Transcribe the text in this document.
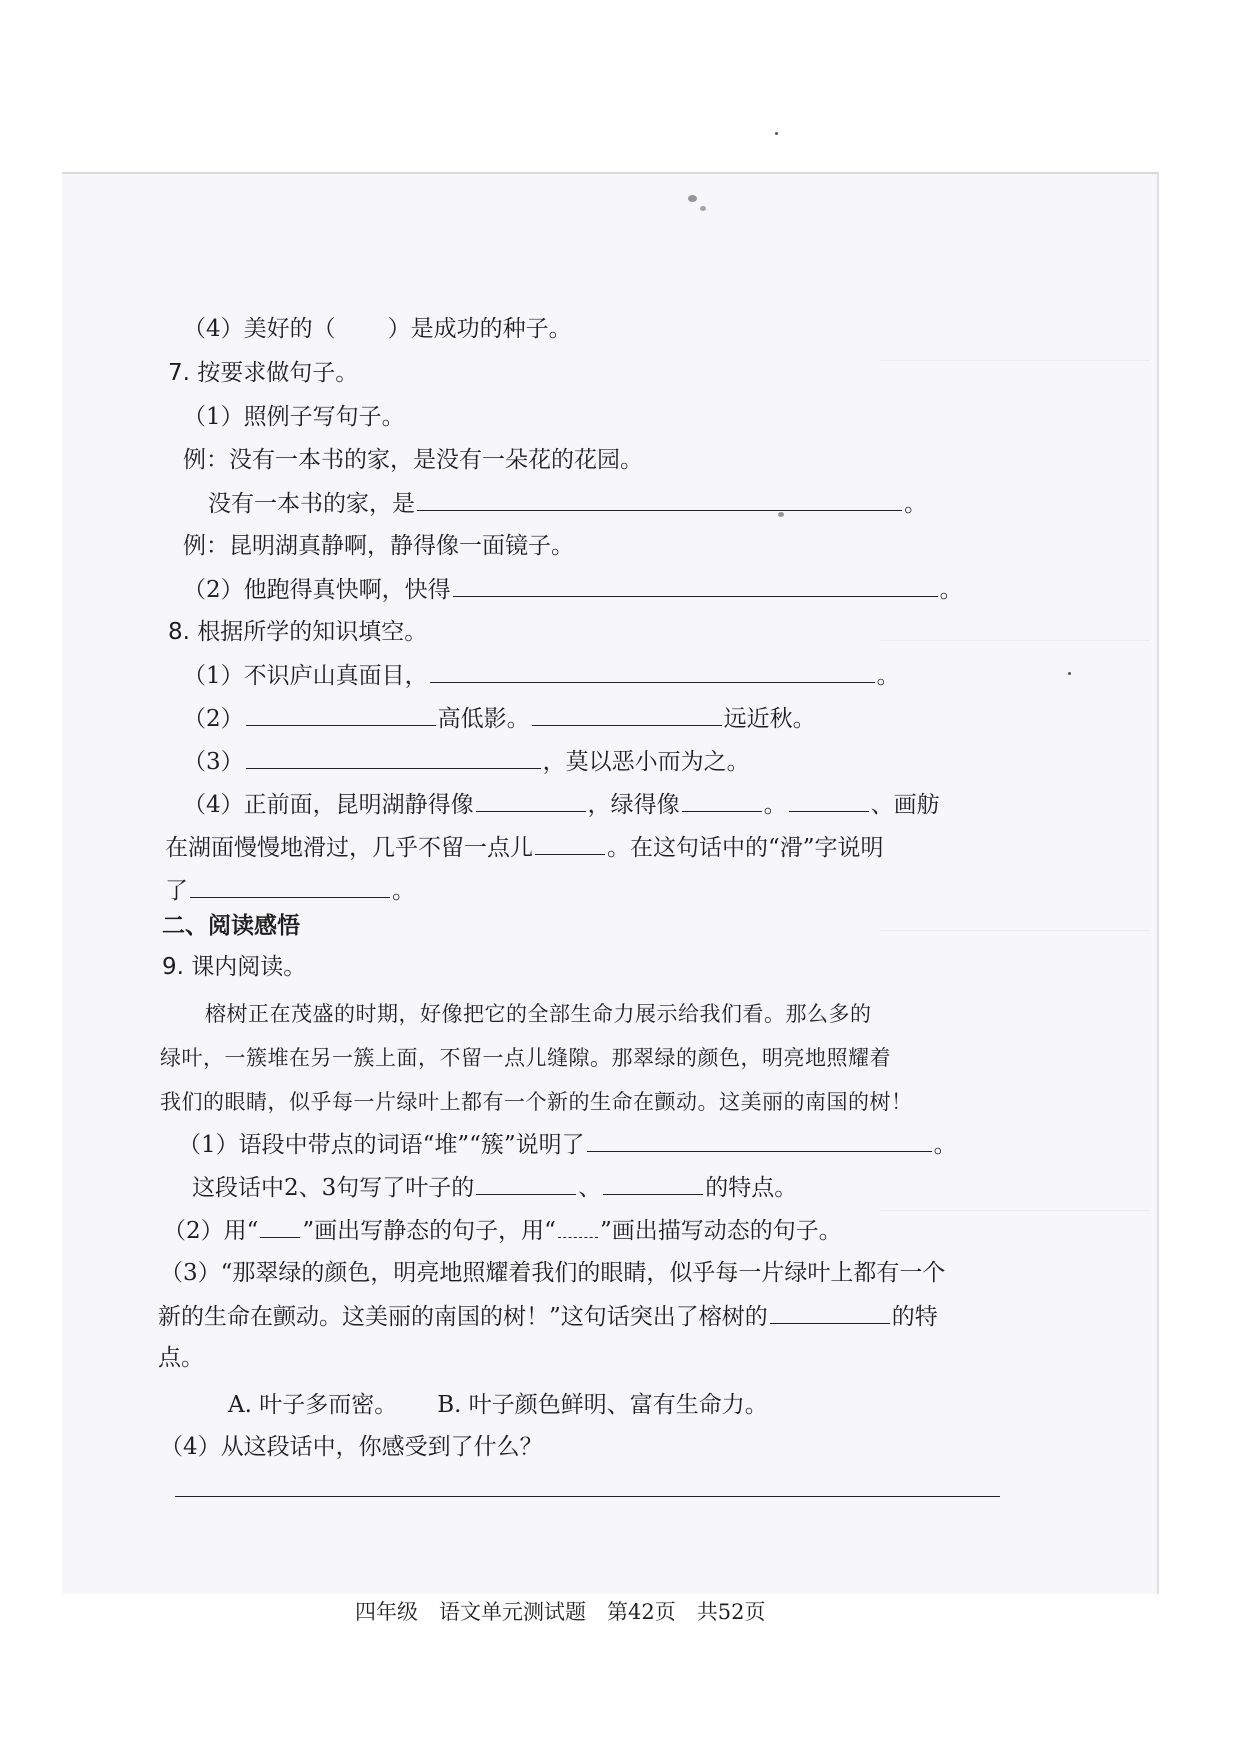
（4）美好的（ ）是成功的种子。
7. 按要求做句子。
（1）照例子写句子。
例：没有一本书的家，是没有一朵花的花园。
没有一本书的家，是	。
例：昆明湖真静啊，静得像一面镜子。
（2）他跑得真快啊，快得	。
8. 根据所学的知识填空。
（1）不识庐山真面目，	。
（2）	高低影。	远近秋。
（3）	，莫以恶小而为之。
（4）正前面，昆明湖静得像	，绿得像	。	、画舫
在湖面慢慢地滑过，几乎不留一点儿	。在这句话中的“滑”字说明
了	。
二、阅读感悟
9. 课内阅读。
榕树正在茂盛的时期，好像把它的全部生命力展示给我们看。那么多的
绿叶，一簇堆在另一簇上面，不留一点儿缝隙。那翠绿的颜色，明亮地照耀着
我们的眼睛，似乎每一片绿叶上都有一个新的生命在颤动。这美丽的南国的树！
（1）语段中带点的词语“堆”“簇”说明了	。
这段话中2、3句写了叶子的	、	的特点。
（2）用“ ”画出写静态的句子，用“ ”画出描写动态的句子。
（3）“那翠绿的颜色，明亮地照耀着我们的眼睛，似乎每一片绿叶上都有一个
新的生命在颤动。这美丽的南国的树！”这句话突出了榕树的	的特
点。
A. 叶子多而密。 B. 叶子颜色鲜明、富有生命力。
（4）从这段话中，你感受到了什么？
四年级　语文单元测试题　第42页　共52页
